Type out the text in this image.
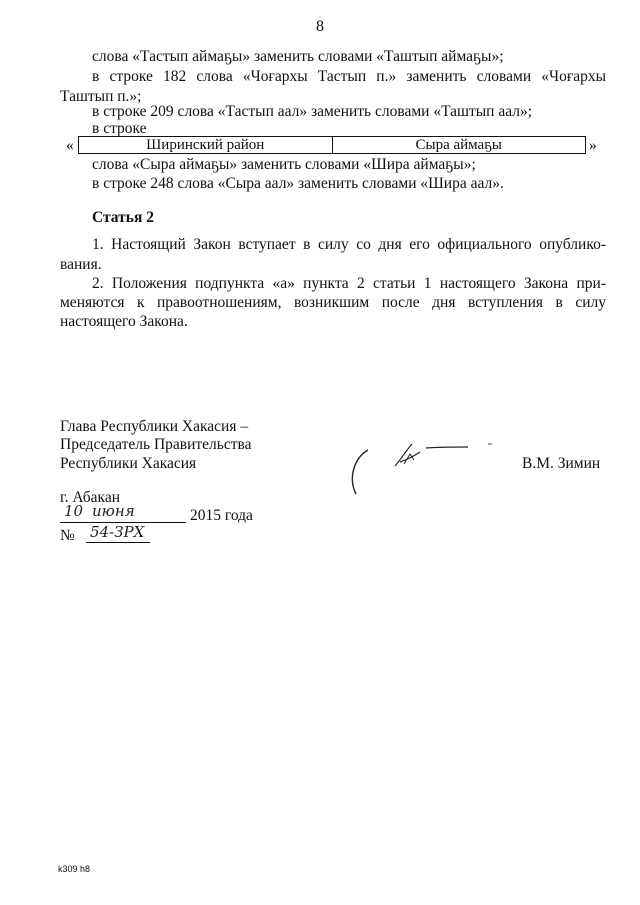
8
слова «Тастып аймаҕы» заменить словами «Таштып аймаҕы»;
в строке 182 слова «Чоғархы Тастып п.» заменить словами «Чоғархы
Таштып п.»;
в строке 209 слова «Тастып аал» заменить словами «Таштып аал»;
в строке
«	Ширинский район	Сыра аймаҕы	»
слова «Сыра аймаҕы» заменить словами «Шира аймаҕы»;
в строке 248 слова «Сыра аал» заменить словами «Шира аал».
Статья 2
1. Настоящий Закон вступает в силу со дня его официального опублико-
вания.
2. Положения подпункта «а» пункта 2 статьи 1 настоящего Закона при-
меняются к правоотношениям, возникшим после дня вступления в силу
настоящего Закона.
Глава Республики Хакасия –
Председатель Правительства
Республики Хакасия	В.М. Зимин
г. Абакан
10 июня	2015 года
№ 54-ЗРХ
k309 h8
